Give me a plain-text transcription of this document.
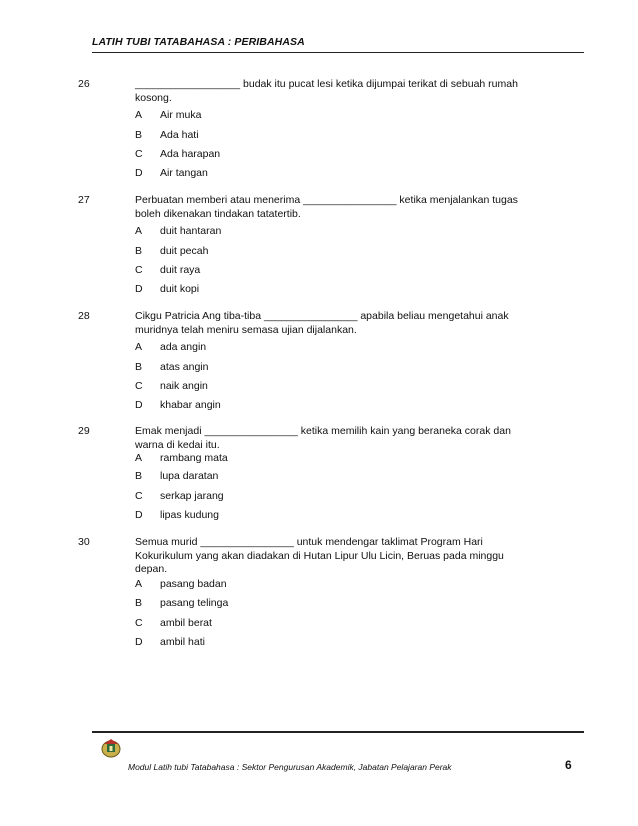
LATIH TUBI TATABAHASA : PERIBAHASA
26	__________________ budak itu pucat lesi ketika dijumpai terikat di sebuah rumah kosong.
A	Air muka
B	Ada hati
C	Ada harapan
D	Air tangan
27	Perbuatan memberi atau menerima ________________ ketika menjalankan tugas boleh dikenakan tindakan tatatertib.
A	duit hantaran
B	duit pecah
C	duit raya
D	duit kopi
28	Cikgu Patricia Ang tiba-tiba ________________ apabila beliau mengetahui anak muridnya telah meniru semasa ujian dijalankan.
A	ada angin
B	atas angin
C	naik angin
D	khabar angin
29	Emak menjadi ________________ ketika memilih kain yang beraneka corak dan warna di kedai itu.
A	rambang mata
B	lupa daratan
C	serkap jarang
D	lipas kudung
30	Semua murid ________________ untuk mendengar taklimat Program Hari Kokurikulum yang akan diadakan di Hutan Lipur Ulu Licin, Beruas pada minggu depan.
A	pasang badan
B	pasang telinga
C	ambil berat
D	ambil hati
Modul Latih tubi Tatabahasa : Sektor Pengurusan Akademik, Jabatan Pelajaran Perak	6
